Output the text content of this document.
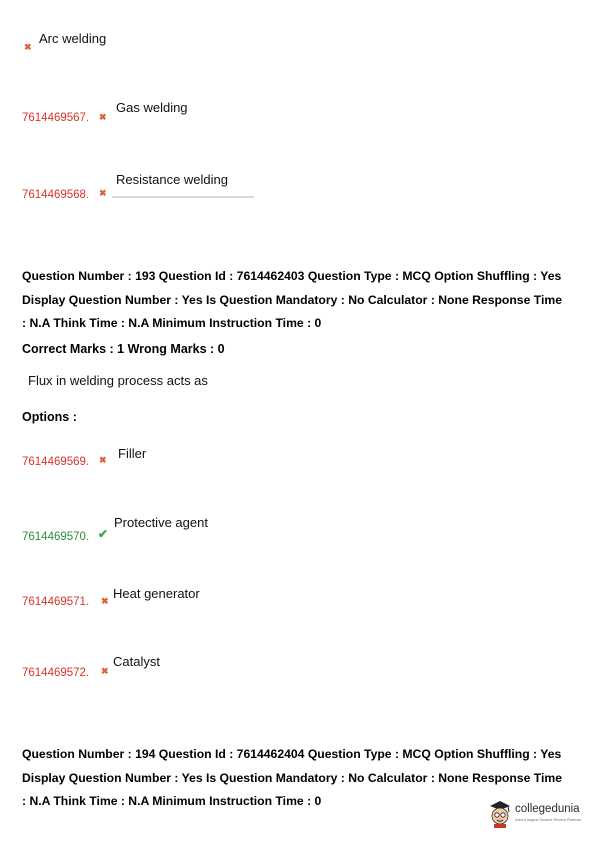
✖
Arc welding
7614469567. ✖
Gas welding
7614469568. ✖
Resistance welding
Question Number : 193 Question Id : 7614462403 Question Type : MCQ Option Shuffling : Yes
Display Question Number : Yes Is Question Mandatory : No Calculator : None Response Time
: N.A Think Time : N.A Minimum Instruction Time : 0
Correct Marks : 1 Wrong Marks : 0
Flux in welding process acts as
Options :
7614469569. ✖ Filler
7614469570. ✔
Protective agent
7614469571. ✖ Heat generator
7614469572. ✖
Catalyst
Question Number : 194 Question Id : 7614462404 Question Type : MCQ Option Shuffling : Yes
Display Question Number : Yes Is Question Mandatory : No Calculator : None Response Time
: N.A Think Time : N.A Minimum Instruction Time : 0
collegedunia
India's largest Student Review Platform
